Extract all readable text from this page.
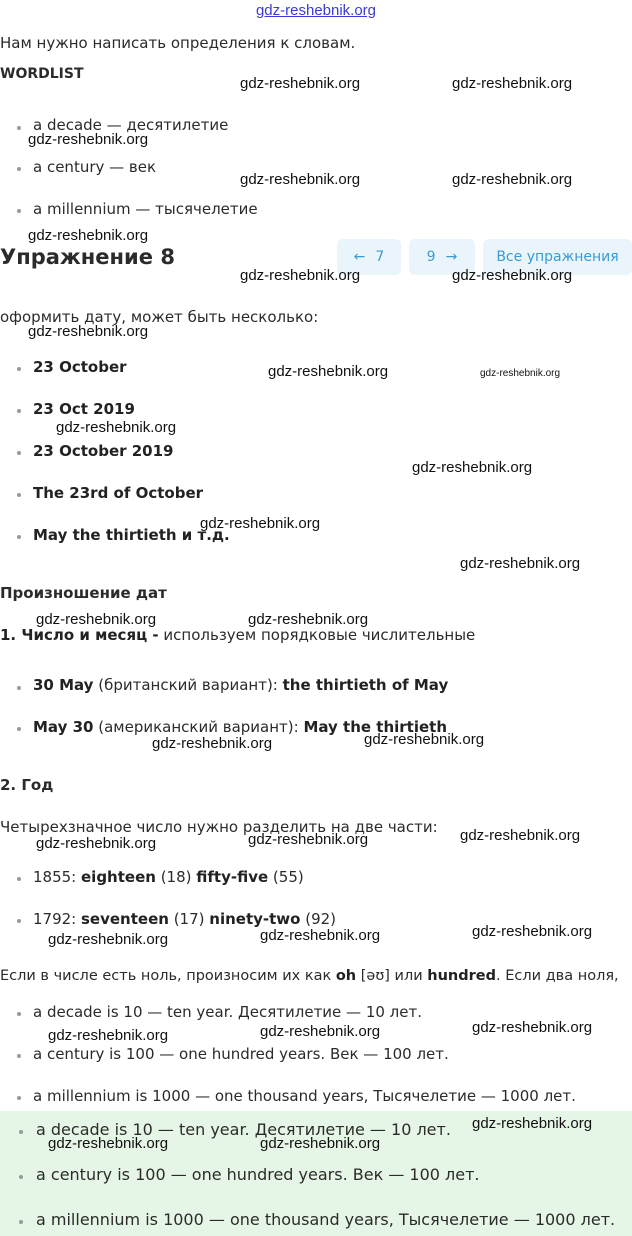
gdz-reshebnik.org
Нам нужно написать определения к словам.
WORDLIST
a decade — десятилетие
a century — век
a millennium — тысячелетие
Упражнение 8	← 7	9 →	Все упражнения
оформить дату, может быть несколько:
23 October
23 Oct 2019
23 October 2019
The 23rd of October
May the thirtieth и т.д.
Произношение дат
1. Число и месяц - используем порядковые числительные
30 May (британский вариант): the thirtieth of May
May 30 (американский вариант): May the thirtieth
2. Год
Четырехзначное число нужно разделить на две части:
1855: eighteen (18) fifty-five (55)
1792: seventeen (17) ninety-two (92)
Если в числе есть ноль, произносим их как oh [əʊ] или hundred. Если два ноля,
a decade is 10 — ten year. Десятилетие — 10 лет.
a century is 100 — one hundred years. Век — 100 лет.
a millennium is 1000 — one thousand years, Тысячелетие — 1000 лет.
a decade is 10 — ten year. Десятилетие — 10 лет.
a century is 100 — one hundred years. Век — 100 лет.
a millennium is 1000 — one thousand years, Тысячелетие — 1000 лет.
gdz-reshebnik.org	gdz-reshebnik.org
gdz-reshebnik.org
gdz-reshebnik.org	gdz-reshebnik.org
gdz-reshebnik.org
gdz-reshebnik.org	gdz-reshebnik.org
gdz-reshebnik.org
gdz-reshebnik.org	gdz-reshebnik.org
gdz-reshebnik.org
gdz-reshebnik.org
gdz-reshebnik.org
gdz-reshebnik.org
gdz-reshebnik.org	gdz-reshebnik.org
gdz-reshebnik.org	gdz-reshebnik.org
gdz-reshebnik.org
gdz-reshebnik.org	gdz-reshebnik.org
gdz-reshebnik.org
gdz-reshebnik.org	gdz-reshebnik.org
gdz-reshebnik.org
gdz-reshebnik.org	gdz-reshebnik.org
gdz-reshebnik.org
gdz-reshebnik.org	gdz-reshebnik.org
